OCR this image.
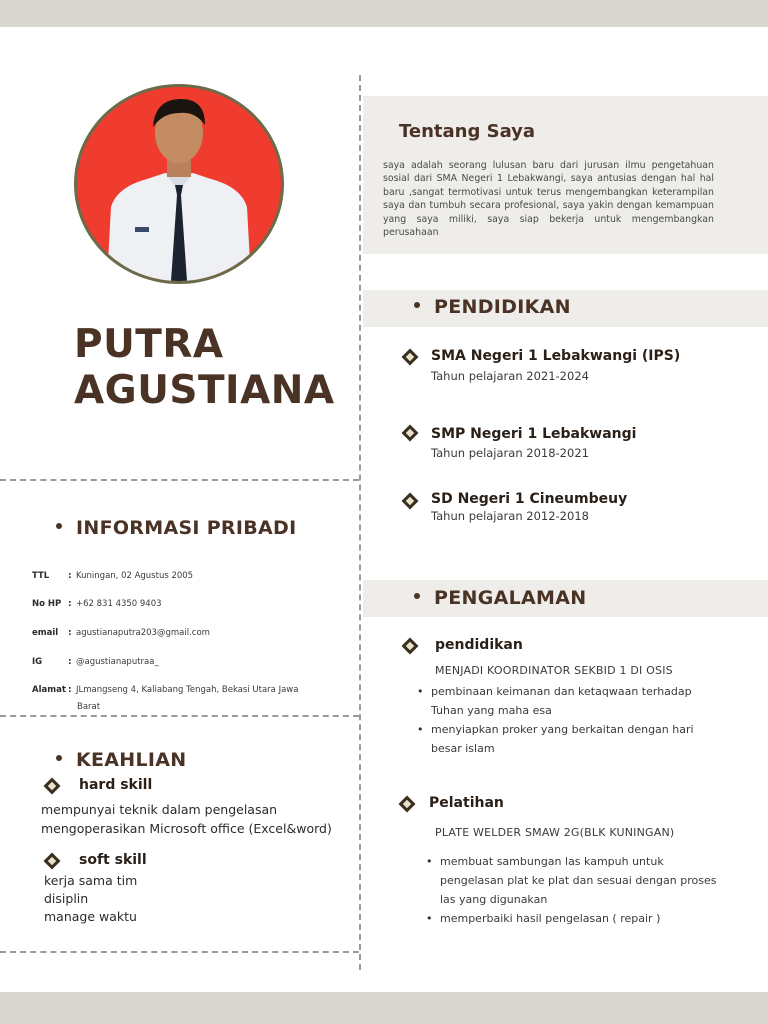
PUTRA
AGUSTIANA
INFORMASI PRIBADI
TTL : Kuningan, 02 Agustus 2005
No HP : +62 831 4350 9403
email : agustianaputra203@gmail.com
IG	: @agustianaputraa_
Alamat : JLmangseng 4, Kaliabang Tengah, Bekasi Utara Jawa
Barat
KEAHLIAN
hard skill
mempunyai teknik dalam pengelasan
mengoperasikan Microsoft office (Excel&word)
soft skill
kerja sama tim
disiplin
manage waktu
Tentang Saya
saya adalah seorang lulusan baru dari jurusan ilmu pengetahuan sosial dari SMA Negeri 1 Lebakwangi, saya antusias dengan hal hal baru ,sangat termotivasi untuk terus mengembangkan keterampilan saya dan tumbuh secara profesional, saya yakin dengan kemampuan yang saya miliki, saya siap bekerja untuk mengembangkan perusahaan
PENDIDIKAN
SMA Negeri 1 Lebakwangi (IPS)
Tahun pelajaran 2021-2024
SMP Negeri 1 Lebakwangi
Tahun pelajaran 2018-2021
SD Negeri 1 Cineumbeuy
Tahun pelajaran 2012-2018
PENGALAMAN
pendidikan
MENJADI KOORDINATOR SEKBID 1 DI OSIS
• pembinaan keimanan dan ketaqwaan terhadap
Tuhan yang maha esa
• menyiapkan proker yang berkaitan dengan hari
besar islam
Pelatihan
PLATE WELDER SMAW 2G(BLK KUNINGAN)
• membuat sambungan las kampuh untuk
pengelasan plat ke plat dan sesuai dengan proses
las yang digunakan
• memperbaiki hasil pengelasan ( repair )
